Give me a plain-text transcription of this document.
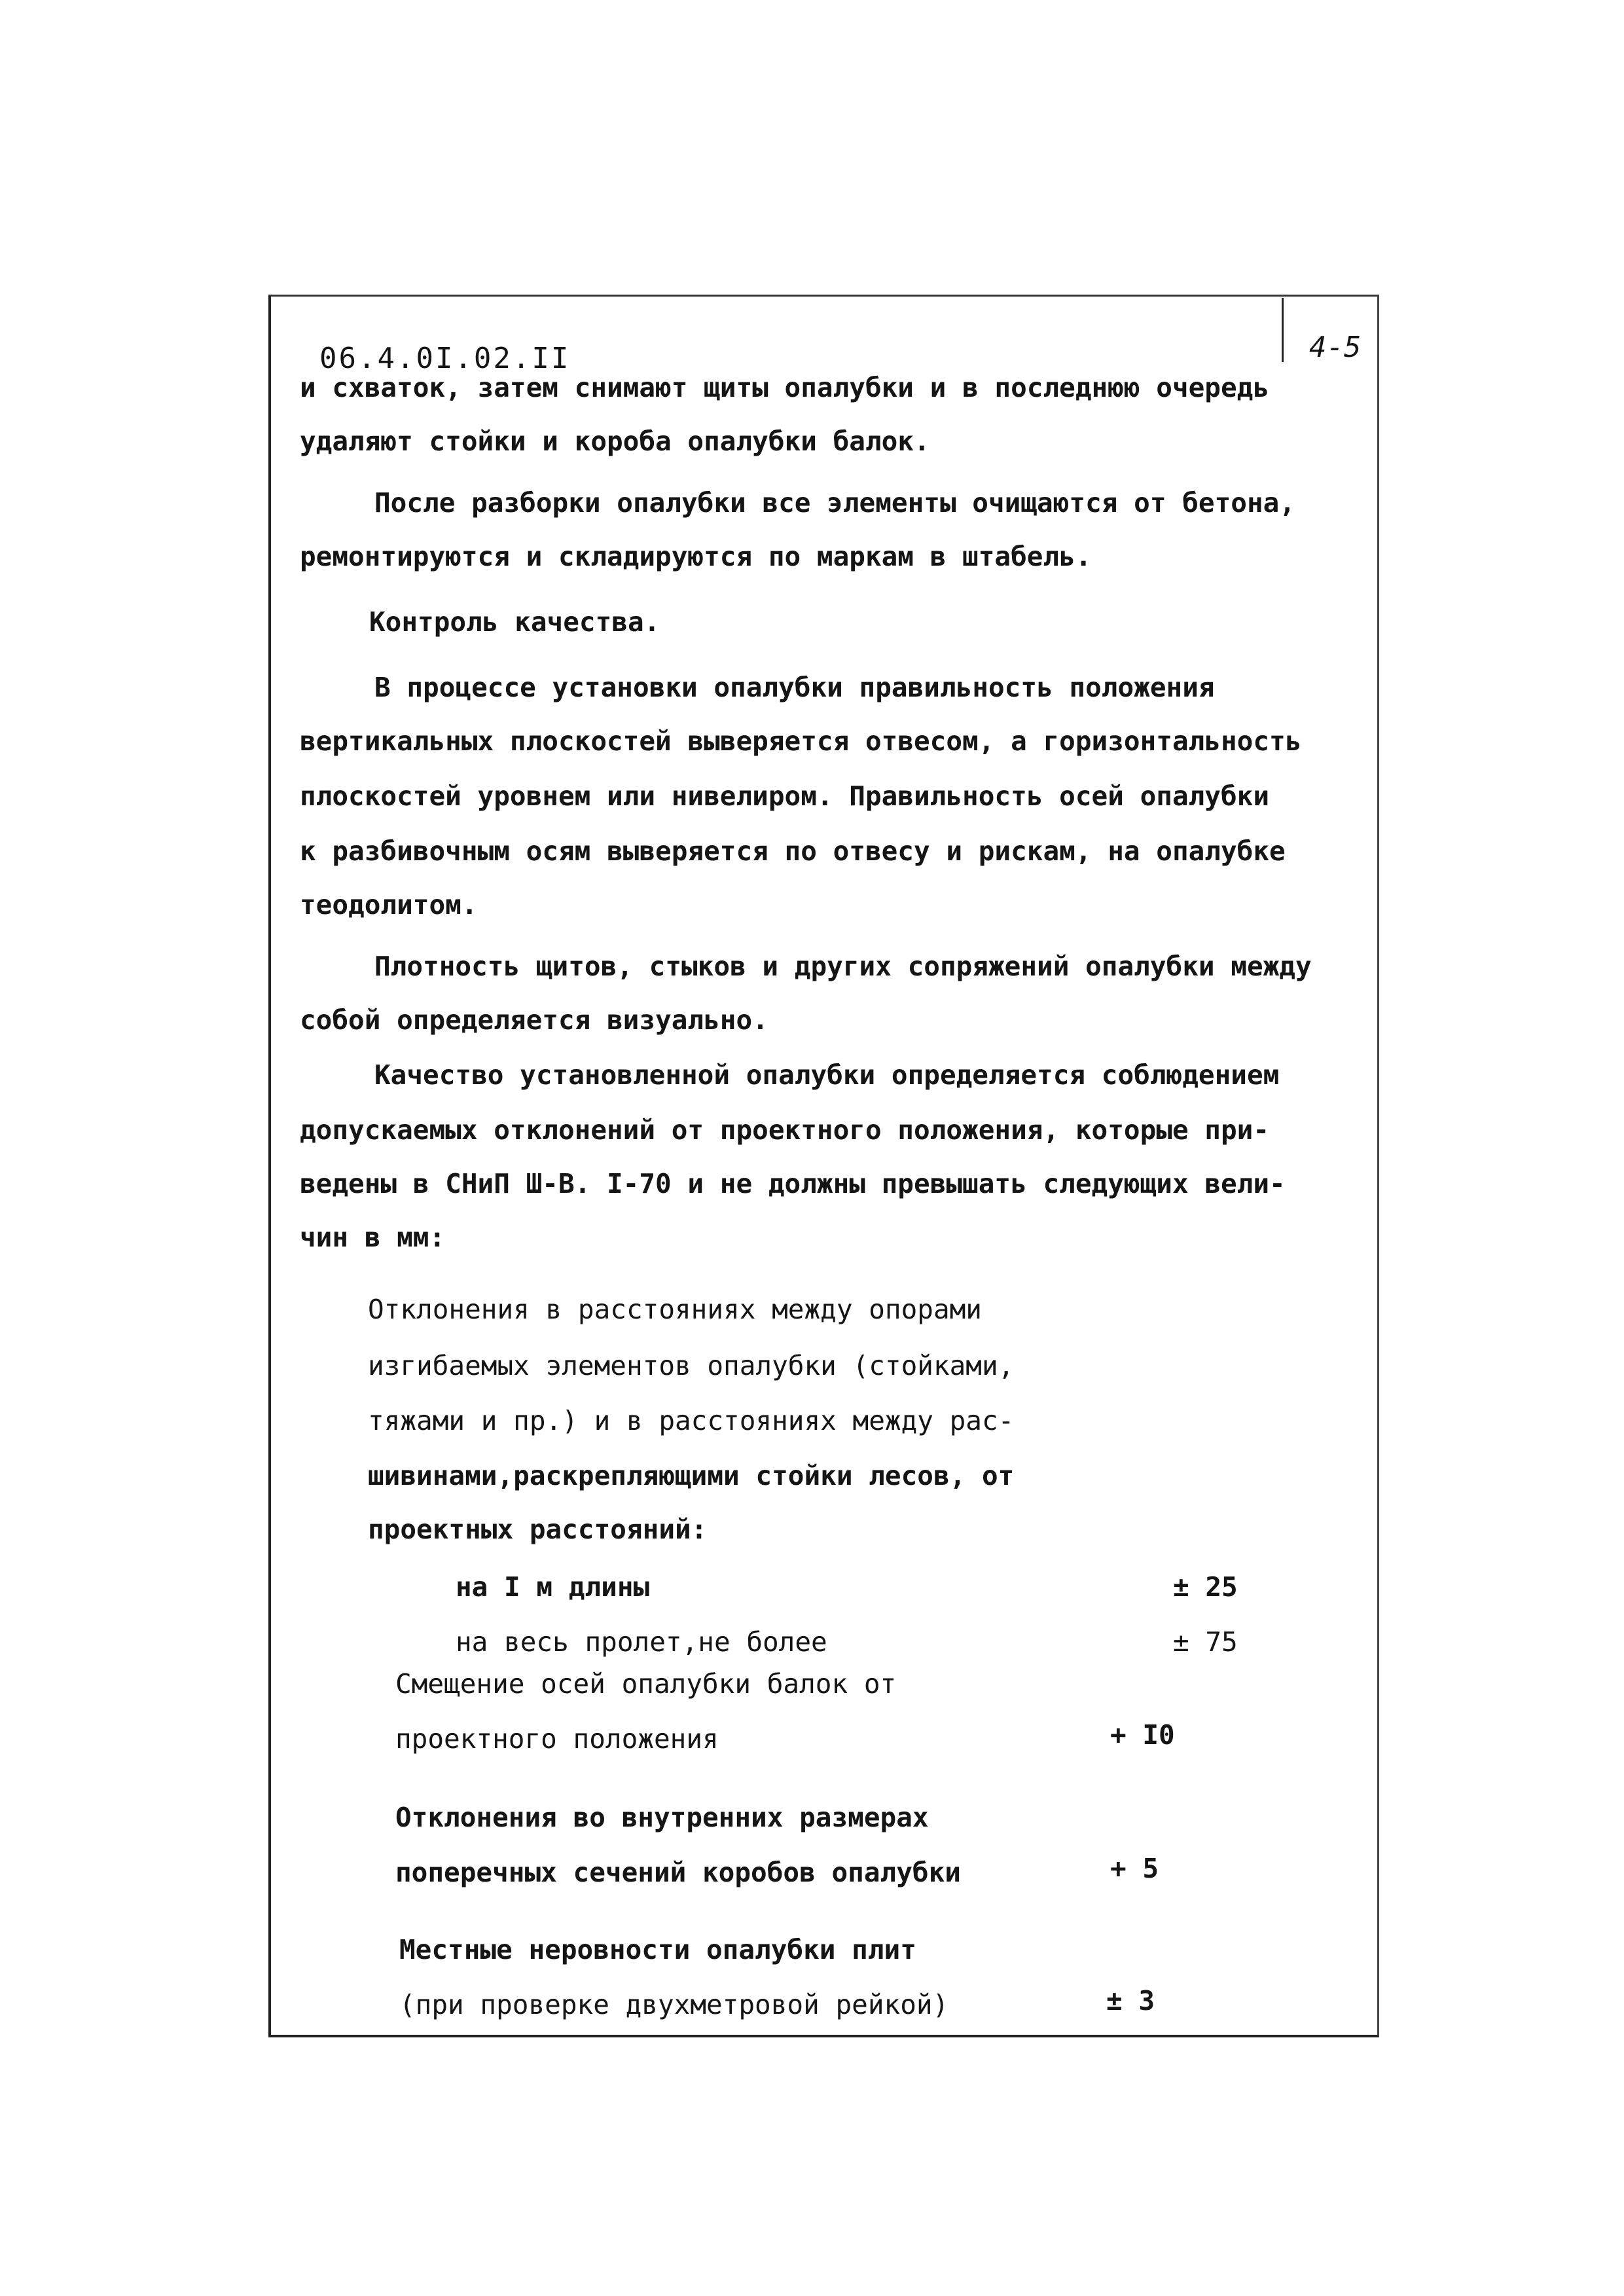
4-5
06.4.0I.02.II
и схваток, затем снимают щиты опалубки и в последнюю очередь
удаляют стойки и короба опалубки балок.
После разборки опалубки все элементы очищаются от бетона,
ремонтируются и складируются по маркам в штабель.
Контроль качества.
В процессе установки опалубки правильность положения
вертикальных плоскостей выверяется отвесом, а горизонтальность
плоскостей уровнем или нивелиром. Правильность осей опалубки
к разбивочным осям выверяется по отвесу и рискам, на опалубке
теодолитом.
Плотность щитов, стыков и других сопряжений опалубки между
собой определяется визуально.
Качество установленной опалубки определяется соблюдением
допускаемых отклонений от проектного положения, которые при-
ведены в СНиП Ш-В. I-70 и не должны превышать следующих вели-
чин в мм:
Отклонения в расстояниях между опорами
изгибаемых элементов опалубки (стойками,
тяжами и пр.) и в расстояниях между рас-
шивинами,раскрепляющими стойки лесов, от
проектных расстояний:
на I м длины	± 25
на весь пролет,не более	± 75
Смещение осей опалубки балок от
проектного положения	+ I0
Отклонения во внутренних размерах
поперечных сечений коробов опалубки	+ 5
Местные неровности опалубки плит
(при проверке двухметровой рейкой)	± 3
